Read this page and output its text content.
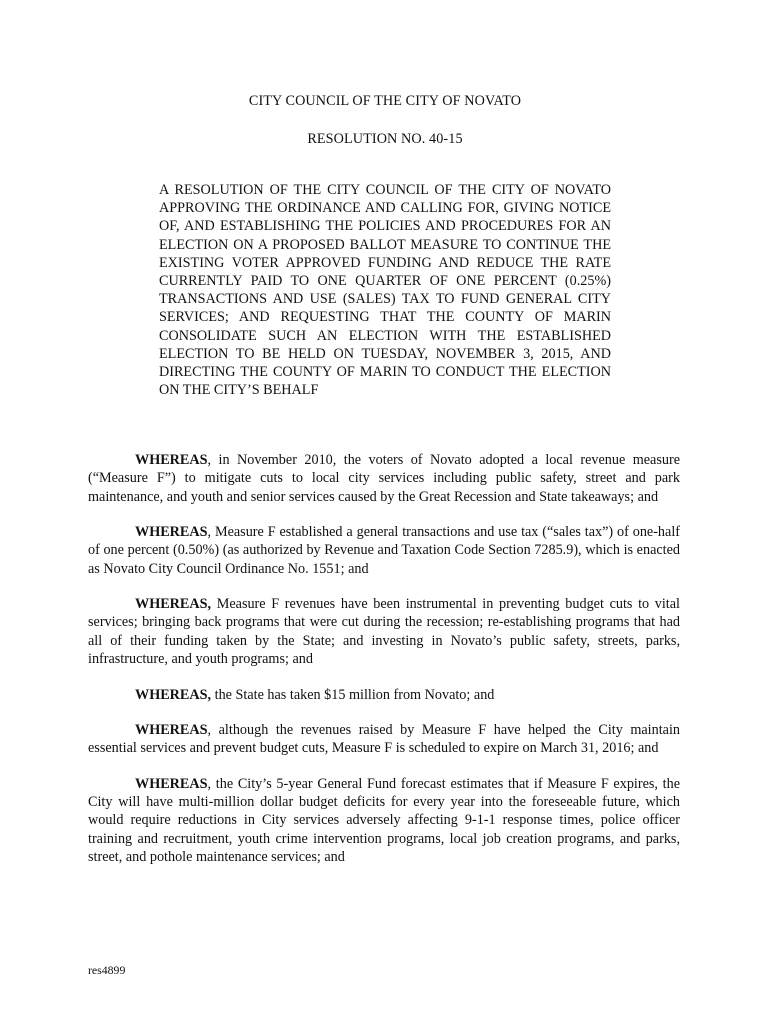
CITY COUNCIL OF THE CITY OF NOVATO
RESOLUTION NO. 40-15
A RESOLUTION OF THE CITY COUNCIL OF THE CITY OF NOVATO APPROVING THE ORDINANCE AND CALLING FOR, GIVING NOTICE OF, AND ESTABLISHING THE POLICIES AND PROCEDURES FOR AN ELECTION ON A PROPOSED BALLOT MEASURE TO CONTINUE THE EXISTING VOTER APPROVED FUNDING AND REDUCE THE RATE CURRENTLY PAID TO ONE QUARTER OF ONE PERCENT (0.25%) TRANSACTIONS AND USE (SALES) TAX TO FUND GENERAL CITY SERVICES; AND REQUESTING THAT THE COUNTY OF MARIN CONSOLIDATE SUCH AN ELECTION WITH THE ESTABLISHED ELECTION TO BE HELD ON TUESDAY, NOVEMBER 3, 2015, AND DIRECTING THE COUNTY OF MARIN TO CONDUCT THE ELECTION ON THE CITY’S BEHALF

WHEREAS, in November 2010, the voters of Novato adopted a local revenue measure (“Measure F”) to mitigate cuts to local city services including public safety, street and park maintenance, and youth and senior services caused by the Great Recession and State takeaways; and

WHEREAS, Measure F established a general transactions and use tax (“sales tax”) of one-half of one percent (0.50%) (as authorized by Revenue and Taxation Code Section 7285.9), which is enacted as Novato City Council Ordinance No. 1551; and

WHEREAS, Measure F revenues have been instrumental in preventing budget cuts to vital services; bringing back programs that were cut during the recession; re-establishing programs that had all of their funding taken by the State; and investing in Novato’s public safety, streets, parks, infrastructure, and youth programs; and

WHEREAS, the State has taken $15 million from Novato; and

WHEREAS, although the revenues raised by Measure F have helped the City maintain essential services and prevent budget cuts, Measure F is scheduled to expire on March 31, 2016; and

WHEREAS, the City’s 5-year General Fund forecast estimates that if Measure F expires, the City will have multi-million dollar budget deficits for every year into the foreseeable future, which would require reductions in City services adversely affecting 9-1-1 response times, police officer training and recruitment, youth crime intervention programs, local job creation programs, and parks, street, and pothole maintenance services; and

res4899
